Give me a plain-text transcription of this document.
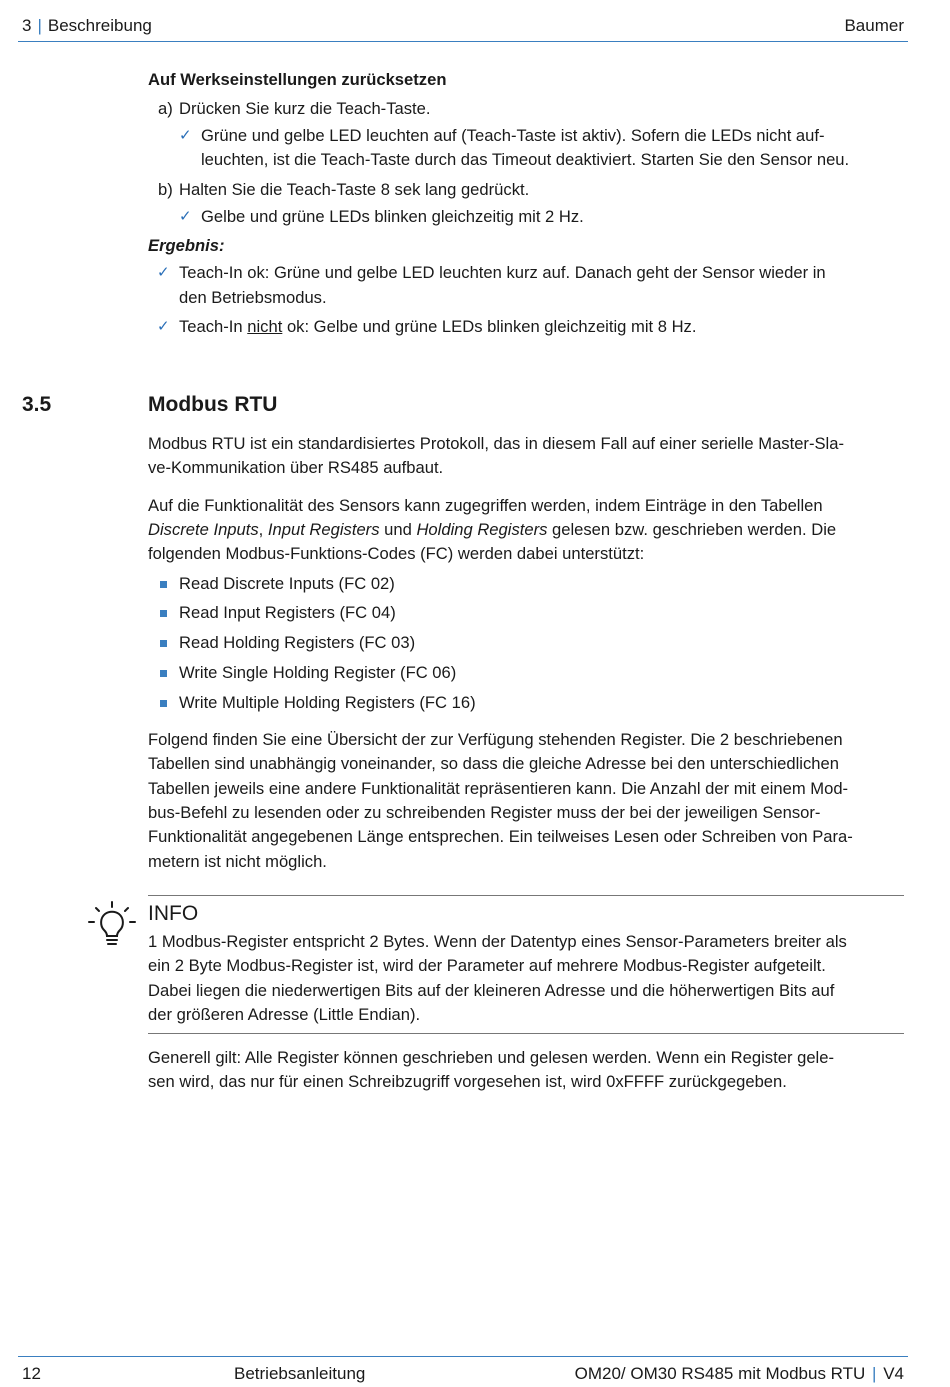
3 | Beschreibung	Baumer
Auf Werkseinstellungen zurücksetzen
a) Drücken Sie kurz die Teach-Taste.
✓ Grüne und gelbe LED leuchten auf (Teach-Taste ist aktiv). Sofern die LEDs nicht auf-
leuchten, ist die Teach-Taste durch das Timeout deaktiviert. Starten Sie den Sensor neu.
b) Halten Sie die Teach-Taste 8 sek lang gedrückt.
✓ Gelbe und grüne LEDs blinken gleichzeitig mit 2 Hz.
Ergebnis:
✓ Teach-In ok: Grüne und gelbe LED leuchten kurz auf. Danach geht der Sensor wieder in
den Betriebsmodus.
✓ Teach-In nicht ok: Gelbe und grüne LEDs blinken gleichzeitig mit 8 Hz.
3.5	Modbus RTU
Modbus RTU ist ein standardisiertes Protokoll, das in diesem Fall auf einer serielle Master-Sla-
ve-Kommunikation über RS485 aufbaut.
Auf die Funktionalität des Sensors kann zugegriffen werden, indem Einträge in den Tabellen
Discrete Inputs, Input Registers und Holding Registers gelesen bzw. geschrieben werden. Die
folgenden Modbus-Funktions-Codes (FC) werden dabei unterstützt:
Read Discrete Inputs (FC 02)
Read Input Registers (FC 04)
Read Holding Registers (FC 03)
Write Single Holding Register (FC 06)
Write Multiple Holding Registers (FC 16)
Folgend finden Sie eine Übersicht der zur Verfügung stehenden Register. Die 2 beschriebenen
Tabellen sind unabhängig voneinander, so dass die gleiche Adresse bei den unterschiedlichen
Tabellen jeweils eine andere Funktionalität repräsentieren kann. Die Anzahl der mit einem Mod-
bus-Befehl zu lesenden oder zu schreibenden Register muss der bei der jeweiligen Sensor-
Funktionalität angegebenen Länge entsprechen. Ein teilweises Lesen oder Schreiben von Para-
metern ist nicht möglich.
INFO
1 Modbus-Register entspricht 2 Bytes. Wenn der Datentyp eines Sensor-Parameters breiter als
ein 2 Byte Modbus-Register ist, wird der Parameter auf mehrere Modbus-Register aufgeteilt.
Dabei liegen die niederwertigen Bits auf der kleineren Adresse und die höherwertigen Bits auf
der größeren Adresse (Little Endian).
Generell gilt: Alle Register können geschrieben und gelesen werden. Wenn ein Register gele-
sen wird, das nur für einen Schreibzugriff vorgesehen ist, wird 0xFFFF zurückgegeben.
12	Betriebsanleitung	OM20/ OM30 RS485 mit Modbus RTU | V4
